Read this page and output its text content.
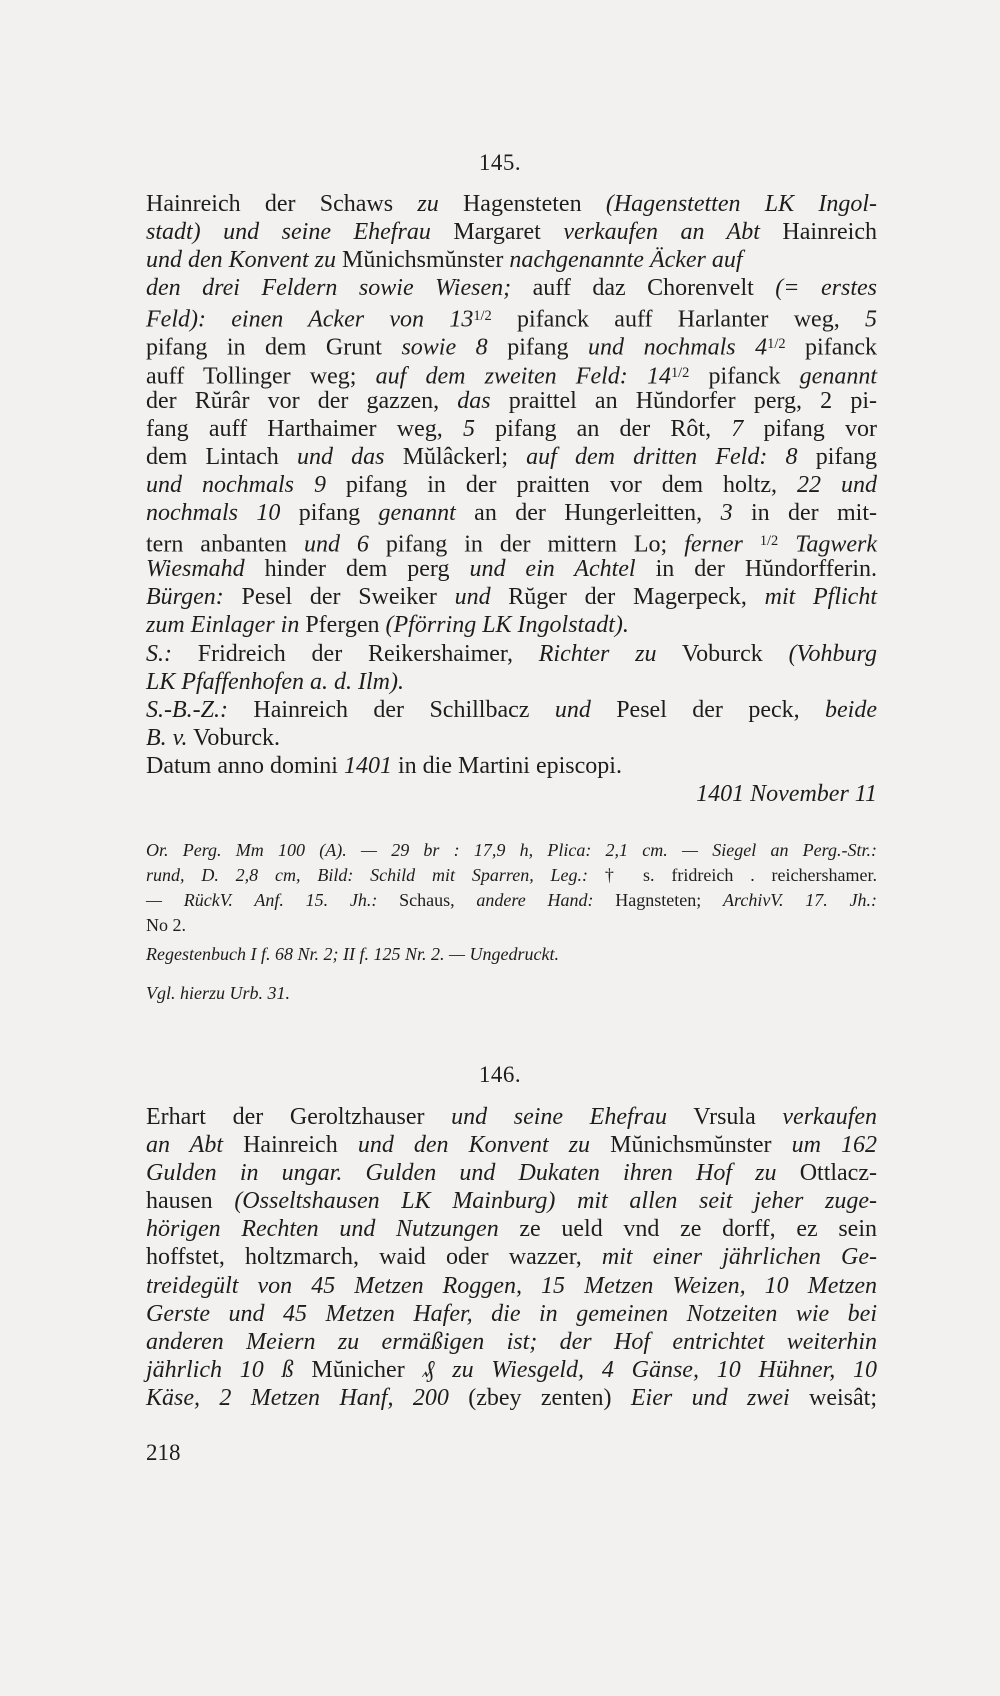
145.
Hainreich der Schaws zu Hagensteten (Hagenstetten LK Ingol-
stadt) und seine Ehefrau Margaret verkaufen an Abt Hainreich
und den Konvent zu Mŭnichsmŭnster nachgenannte Äcker auf
den drei Feldern sowie Wiesen; auff daz Chorenvelt (= erstes
Feld): einen Acker von $13^{1/2}$ pifanck auff Harlanter weg, 5
pifang in dem Grunt sowie 8 pifang und nochmals $4^{1/2}$ pifanck
auff Tollinger weg; auf dem zweiten Feld: $14^{1/2}$ pifanck genannt
der Rŭrâr vor der gazzen, das praittel an Hŭndorfer perg, 2 pi-
fang auff Harthaimer weg, 5 pifang an der Rôt, 7 pifang vor
dem Lintach und das Mŭlâckerl; auf dem dritten Feld: 8 pifang
und nochmals 9 pifang in der praitten vor dem holtz, 22 und
nochmals 10 pifang genannt an der Hungerleitten, 3 in der mit-
tern anbanten und 6 pifang in der mittern Lo; ferner $^{1/2}$ Tagwerk
Wiesmahd hinder dem perg und ein Achtel in der Hŭndorfferin.
Bürgen: Pesel der Sweiker und Rŭger der Magerpeck, mit Pflicht
zum Einlager in Pfergen (Pförring LK Ingolstadt).
S.: Fridreich der Reikershaimer, Richter zu Voburck (Vohburg
LK Pfaffenhofen a. d. Ilm).
S.-B.-Z.: Hainreich der Schillbacz und Pesel der peck, beide
B. v. Voburck.
Datum anno domini 1401 in die Martini episcopi.
1401 November 11
Or. Perg. Mm 100 (A). — 29 br : 17,9 h, Plica: 2,1 cm. — Siegel an Perg.-Str.:
rund, D. 2,8 cm, Bild: Schild mit Sparren, Leg.: † s. fridreich . reichershamer.
— RückV. Anf. 15. Jh.: Schaus, andere Hand: Hagnsteten; ArchivV. 17. Jh.:
No 2.
Regestenbuch I f. 68 Nr. 2; II f. 125 Nr. 2. — Ungedruckt.
Vgl. hierzu Urb. 31.
146.
Erhart der Geroltzhauser und seine Ehefrau Vrsula verkaufen
an Abt Hainreich und den Konvent zu Mŭnichsmŭnster um 162
Gulden in ungar. Gulden und Dukaten ihren Hof zu Ottlacz-
hausen (Osseltshausen LK Mainburg) mit allen seit jeher zuge-
hörigen Rechten und Nutzungen ze ueld vnd ze dorff, ez sein
hoffstet, holtzmarch, waid oder wazzer, mit einer jährlichen Ge-
treidegült von 45 Metzen Roggen, 15 Metzen Weizen, 10 Metzen
Gerste und 45 Metzen Hafer, die in gemeinen Notzeiten wie bei
anderen Meiern zu ermäßigen ist; der Hof entrichtet weiterhin
jährlich 10 ß Mŭnicher ₰ zu Wiesgeld, 4 Gänse, 10 Hühner, 10
Käse, 2 Metzen Hanf, 200 (zbey zenten) Eier und zwei weisât;
218
